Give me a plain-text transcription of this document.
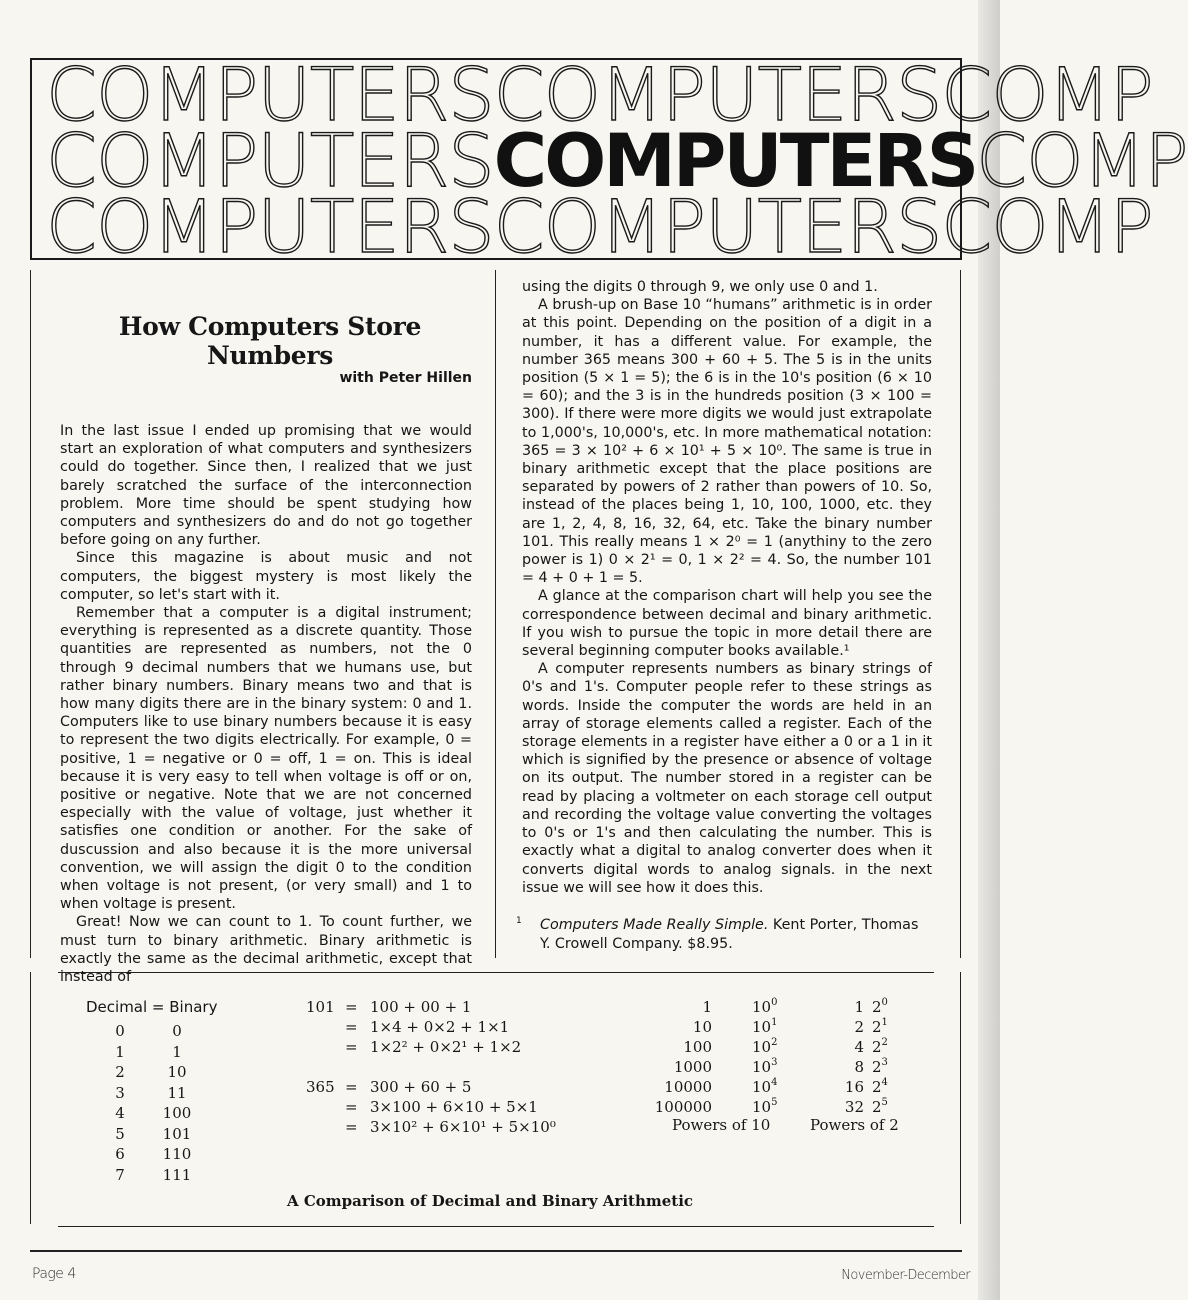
COMPUTERSCOMPUTERSCOMP
COMPUTERSCOMPUTERSCOMP
COMPUTERSCOMPUTERSCOMP
How Computers Store Numbers
with Peter Hillen

In the last issue I ended up promising that we would start an exploration of what computers and synthesizers could do together. Since then, I realized that we just barely scratched the surface of the interconnection problem. More time should be spent studying how computers and synthesizers do and do not go together before going on any further.

Since this magazine is about music and not computers, the biggest mystery is most likely the computer, so let's start with it.

Remember that a computer is a digital instrument; everything is represented as a discrete quantity. Those quantities are represented as numbers, not the 0 through 9 decimal numbers that we humans use, but rather binary numbers. Binary means two and that is how many digits there are in the binary system: 0 and 1. Computers like to use binary numbers because it is easy to represent the two digits electrically. For example, 0 = positive, 1 = negative or 0 = off, 1 = on. This is ideal because it is very easy to tell when voltage is off or on, positive or negative. Note that we are not concerned especially with the value of voltage, just whether it satisfies one condition or another. For the sake of duscussion and also because it is the more universal convention, we will assign the digit 0 to the condition when voltage is not present, (or very small) and 1 to when voltage is present.

Great! Now we can count to 1. To count further, we must turn to binary arithmetic. Binary arithmetic is exactly the same as the decimal arithmetic, except that instead of

using the digits 0 through 9, we only use 0 and 1.

A brush-up on Base 10 “humans” arithmetic is in order at this point. Depending on the position of a digit in a number, it has a different value. For example, the number 365 means 300 + 60 + 5. The 5 is in the units position (5 × 1 = 5); the 6 is in the 10's position (6 × 10 = 60); and the 3 is in the hundreds position (3 × 100 = 300). If there were more digits we would just extrapolate to 1,000's, 10,000's, etc. In more mathematical notation: 365 = 3 × 10² + 6 × 10¹ + 5 × 10⁰. The same is true in binary arithmetic except that the place positions are separated by powers of 2 rather than powers of 10. So, instead of the places being 1, 10, 100, 1000, etc. they are 1, 2, 4, 8, 16, 32, 64, etc. Take the binary number 101. This really means 1 × 2⁰ = 1 (anythiny to the zero power is 1) 0 × 2¹ = 0, 1 × 2² = 4. So, the number 101 = 4 + 0 + 1 = 5.

A glance at the comparison chart will help you see the correspondence between decimal and binary arithmetic. If you wish to pursue the topic in more detail there are several beginning computer books available.¹

A computer represents numbers as binary strings of 0's and 1's. Computer people refer to these strings as words. Inside the computer the words are held in an array of storage elements called a register. Each of the storage elements in a register have either a 0 or a 1 in it which is signified by the presence or absence of voltage on its output. The number stored in a register can be read by placing a voltmeter on each storage cell output and recording the voltage value converting the voltages to 0's or 1's and then calculating the number. This is exactly what a digital to analog converter does when it converts digital words to analog signals. in the next issue we will see how it does this.

1	Computers Made Really Simple. Kent Porter, Thomas Y. Crowell Company. $8.95.
Decimal = Binary
0	0
1	1
2	10
3	11
4	100
5	101
6	110
7	111
101 = 100 + 00 + 1
= 1×4 + 0×2 + 1×1
= 1×2² + 0×2¹ + 1×2
365 = 300 + 60 + 5
= 3×100 + 6×10 + 5×1
= 3×10² + 6×10¹ + 5×10⁰
1	$10^0$
10	$10^1$
100	$10^2$
1000	$10^3$
10000	$10^4$
100000	$10^5$
1 $2^0$
2 $2^1$
4 $2^2$
8 $2^3$
16 $2^4$
32 $2^5$
Powers of 10	Powers of 2
A Comparison of Decimal and Binary Arithmetic
Page 4	November-December
